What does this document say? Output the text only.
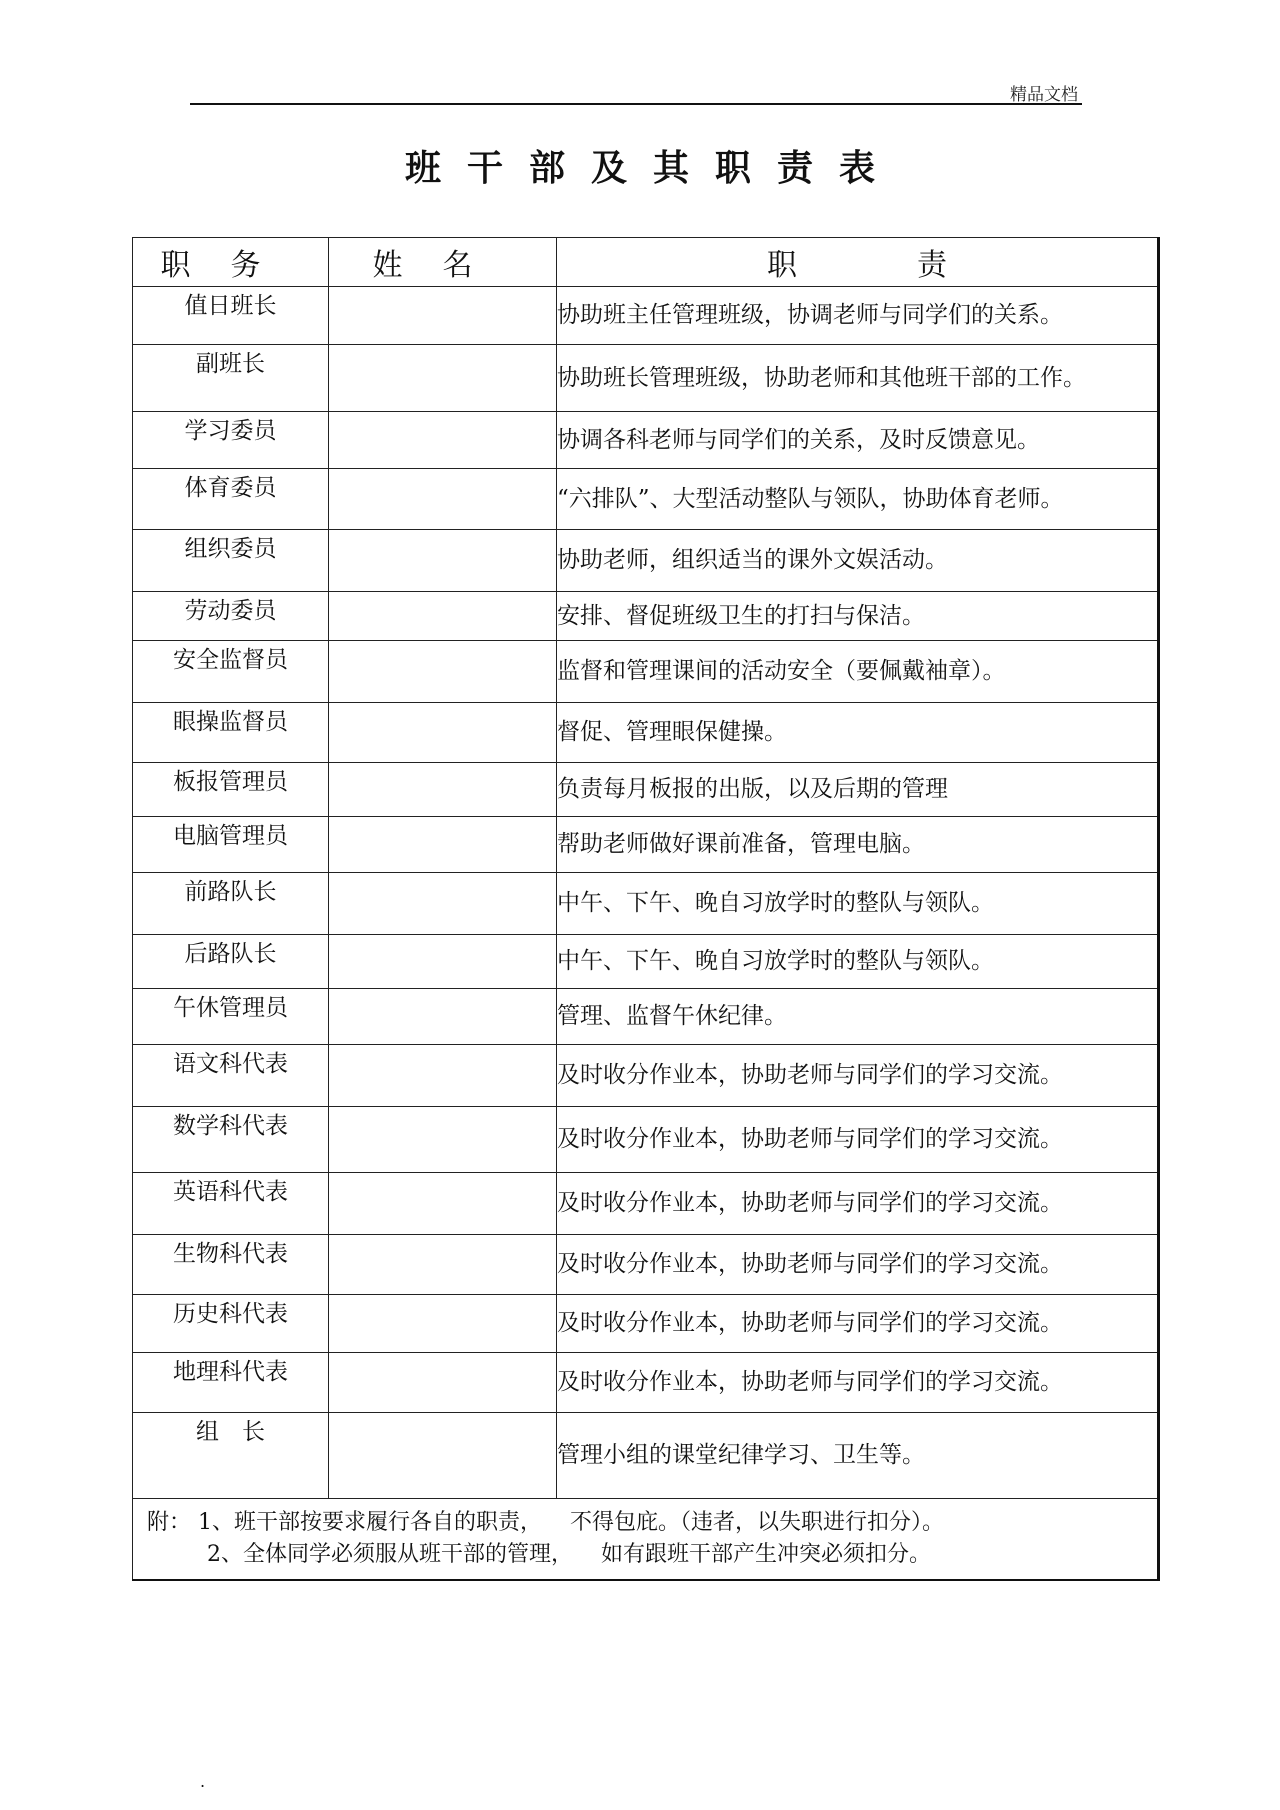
精品文档
班干部及其职责表
职务	姓名	职 责
值日班长		协助班主任管理班级，协调老师与同学们的关系。
副班长		协助班长管理班级，协助老师和其他班干部的工作。
学习委员		协调各科老师与同学们的关系，及时反馈意见。
体育委员		“六排队”、大型活动整队与领队，协助体育老师。
组织委员		协助老师，组织适当的课外文娱活动。
劳动委员		安排、督促班级卫生的打扫与保洁。
安全监督员		监督和管理课间的活动安全（要佩戴袖章）。
眼操监督员		督促、管理眼保健操。
板报管理员		负责每月板报的出版，以及后期的管理
电脑管理员		帮助老师做好课前准备，管理电脑。
前路队长		中午、下午、晚自习放学时的整队与领队。
后路队长		中午、下午、晚自习放学时的整队与领队。
午休管理员		管理、监督午休纪律。
语文科代表		及时收分作业本，协助老师与同学们的学习交流。
数学科代表		及时收分作业本，协助老师与同学们的学习交流。
英语科代表		及时收分作业本，协助老师与同学们的学习交流。
生物科代表		及时收分作业本，协助老师与同学们的学习交流。
历史科代表		及时收分作业本，协助老师与同学们的学习交流。
地理科代表		及时收分作业本，协助老师与同学们的学习交流。
组　长		管理小组的课堂纪律学习、卫生等。

附： 1、班干部按要求履行各自的职责， 不得包庇。（违者，以失职进行扣分）。
2、全体同学必须服从班干部的管理， 如有跟班干部产生冲突必须扣分。		
.
